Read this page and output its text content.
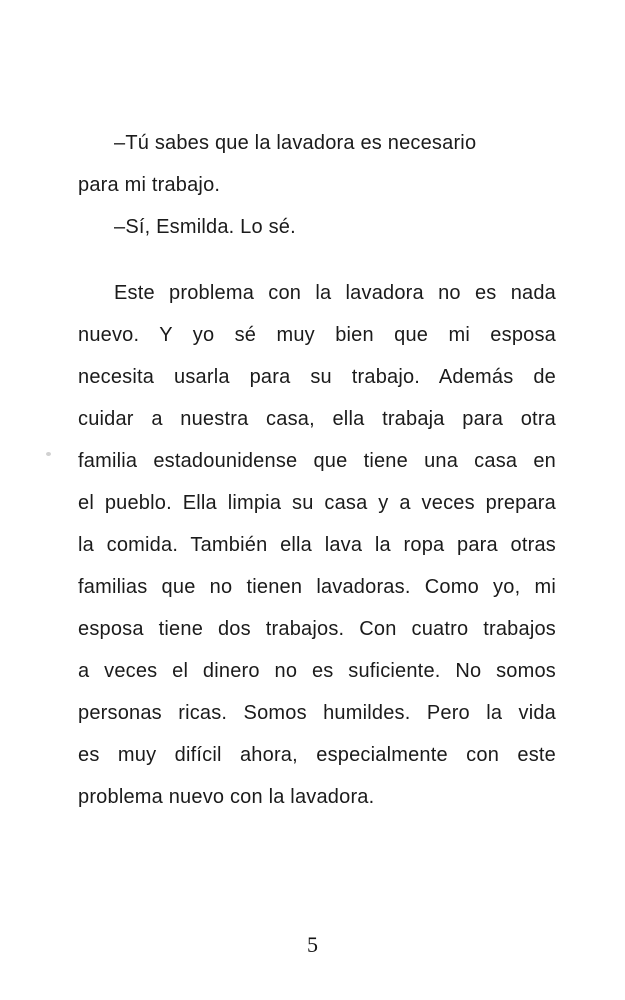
–Tú sabes que la lavadora es necesario
para mi trabajo.
–Sí, Esmilda. Lo sé.
Este problema con la lavadora no es nada
nuevo. Y yo sé muy bien que mi esposa
necesita usarla para su trabajo. Además de
cuidar a nuestra casa, ella trabaja para otra
familia estadounidense que tiene una casa en
el pueblo. Ella limpia su casa y a veces prepara
la comida. También ella lava la ropa para otras
familias que no tienen lavadoras. Como yo, mi
esposa tiene dos trabajos. Con cuatro trabajos
a veces el dinero no es suficiente. No somos
personas ricas. Somos humildes. Pero la vida
es muy difícil ahora, especialmente con este
problema nuevo con la lavadora.
5
